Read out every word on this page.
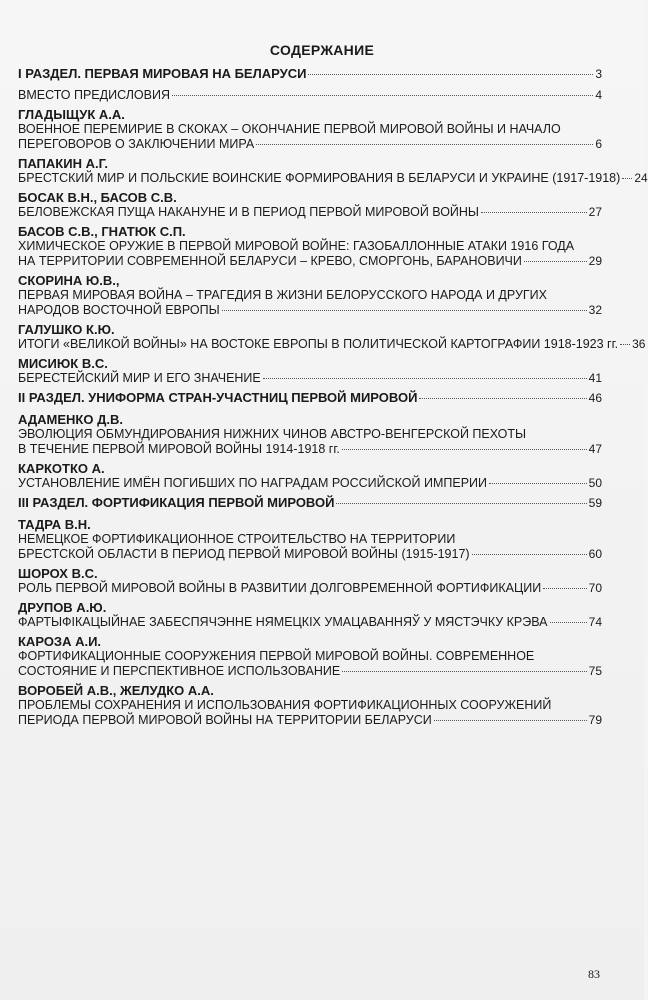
СОДЕРЖАНИЕ
I РАЗДЕЛ. ПЕРВАЯ МИРОВАЯ НА БЕЛАРУСИ	3
ВМЕСТО ПРЕДИСЛОВИЯ	4
ГЛАДЫЩУК А.А.
ВОЕННОЕ ПЕРЕМИРИЕ В СКОКАХ – ОКОНЧАНИЕ ПЕРВОЙ МИРОВОЙ ВОЙНЫ И НАЧАЛО
ПЕРЕГОВОРОВ О ЗАКЛЮЧЕНИИ МИРА	6
ПАПАКИН А.Г.
БРЕСТСКИЙ МИР И ПОЛЬСКИЕ ВОИНСКИЕ ФОРМИРОВАНИЯ В БЕЛАРУСИ И УКРАИНЕ (1917-1918) 24
БОСАК В.Н., БАСОВ С.В.
БЕЛОВЕЖСКАЯ ПУЩА НАКАНУНЕ И В ПЕРИОД ПЕРВОЙ МИРОВОЙ ВОЙНЫ	27
БАСОВ С.В., ГНАТЮК С.П.
ХИМИЧЕСКОЕ ОРУЖИЕ В ПЕРВОЙ МИРОВОЙ ВОЙНЕ: ГАЗОБАЛЛОННЫЕ АТАКИ 1916 ГОДА
НА ТЕРРИТОРИИ СОВРЕМЕННОЙ БЕЛАРУСИ – КРЕВО, СМОРГОНЬ, БАРАНОВИЧИ	29
СКОРИНА Ю.В.,
ПЕРВАЯ МИРОВАЯ ВОЙНА – ТРАГЕДИЯ В ЖИЗНИ БЕЛОРУССКОГО НАРОДА И ДРУГИХ
НАРОДОВ ВОСТОЧНОЙ ЕВРОПЫ	32
ГАЛУШКО К.Ю.
ИТОГИ «ВЕЛИКОЙ ВОЙНЫ» НА ВОСТОКЕ ЕВРОПЫ В ПОЛИТИЧЕСКОЙ КАРТОГРАФИИ 1918-1923 гг. 36
МИСИЮК В.С.
БЕРЕСТЕЙСКИЙ МИР И ЕГО ЗНАЧЕНИЕ	41
II РАЗДЕЛ. УНИФОРМА СТРАН-УЧАСТНИЦ ПЕРВОЙ МИРОВОЙ	46
АДАМЕНКО Д.В.
ЭВОЛЮЦИЯ ОБМУНДИРОВАНИЯ НИЖНИХ ЧИНОВ АВСТРО-ВЕНГЕРСКОЙ ПЕХОТЫ
В ТЕЧЕНИЕ ПЕРВОЙ МИРОВОЙ ВОЙНЫ 1914-1918 гг.	47
КАРКОТКО А.
УСТАНОВЛЕНИЕ ИМЁН ПОГИБШИХ ПО НАГРАДАМ РОССИЙСКОЙ ИМПЕРИИ	50
III РАЗДЕЛ. ФОРТИФИКАЦИЯ ПЕРВОЙ МИРОВОЙ	59
ТАДРА В.Н.
НЕМЕЦКОЕ ФОРТИФИКАЦИОННОЕ СТРОИТЕЛЬСТВО НА ТЕРРИТОРИИ
БРЕСТСКОЙ ОБЛАСТИ В ПЕРИОД ПЕРВОЙ МИРОВОЙ ВОЙНЫ (1915-1917)	60
ШОРОХ В.С.
РОЛЬ ПЕРВОЙ МИРОВОЙ ВОЙНЫ В РАЗВИТИИ ДОЛГОВРЕМЕННОЙ ФОРТИФИКАЦИИ	70
ДРУПОВ А.Ю.
ФАРТЫФІКАЦЫЙНАЕ ЗАБЕСПЯЧЭННЕ НЯМЕЦКІХ УМАЦАВАННЯЎ У МЯСТЭЧКУ КРЭВА	74
КАРОЗА А.И.
ФОРТИФИКАЦИОННЫЕ СООРУЖЕНИЯ ПЕРВОЙ МИРОВОЙ ВОЙНЫ. СОВРЕМЕННОЕ
СОСТОЯНИЕ И ПЕРСПЕКТИВНОЕ ИСПОЛЬЗОВАНИЕ	75
ВОРОБЕЙ А.В., ЖЕЛУДКО А.А.
ПРОБЛЕМЫ СОХРАНЕНИЯ И ИСПОЛЬЗОВАНИЯ ФОРТИФИКАЦИОННЫХ СООРУЖЕНИЙ
ПЕРИОДА ПЕРВОЙ МИРОВОЙ ВОЙНЫ НА ТЕРРИТОРИИ БЕЛАРУСИ	79
83
